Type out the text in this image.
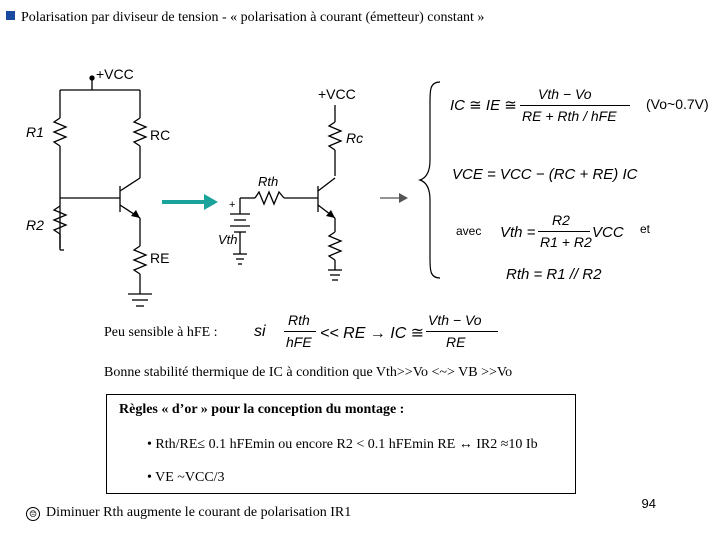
Polarisation par diviseur de tension - « polarisation à courant (émetteur) constant »
+VCC
+VCC
R1	RC	Rc
Rth
+
R2
Vth
RE
IC ≅ IE ≅
Vth − Vo
RE + Rth / hFE
(Vo~0.7V)
VCE = VCC − (RC + RE) IC
avec Vth =
R2
R1 + R2
VCC et
Rth = R1 // R2
Peu sensible à hFE : si
Rth
hFE << RE → IC ≅
Vth − Vo
RE
Bonne stabilité thermique de IC à condition que Vth>>Vo <~> VB >>Vo
Règles « d’or » pour la conception du montage :
• Rth/RE≤ 0.1 hFEmin ou encore R2 < 0.1 hFEmin RE ↔ IR2 ≈10 Ib
• VE ~VCC/3
☹ Diminuer Rth augmente le courant de polarisation IR1
94
